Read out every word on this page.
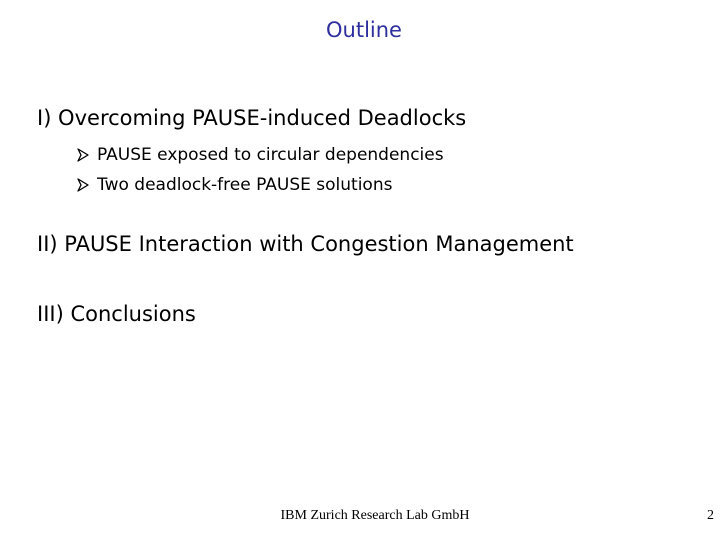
Outline
I) Overcoming PAUSE-induced Deadlocks
PAUSE exposed to circular dependencies
Two deadlock-free PAUSE solutions
II) PAUSE Interaction with Congestion Management
III) Conclusions
IBM Zurich Research Lab GmbH	2
